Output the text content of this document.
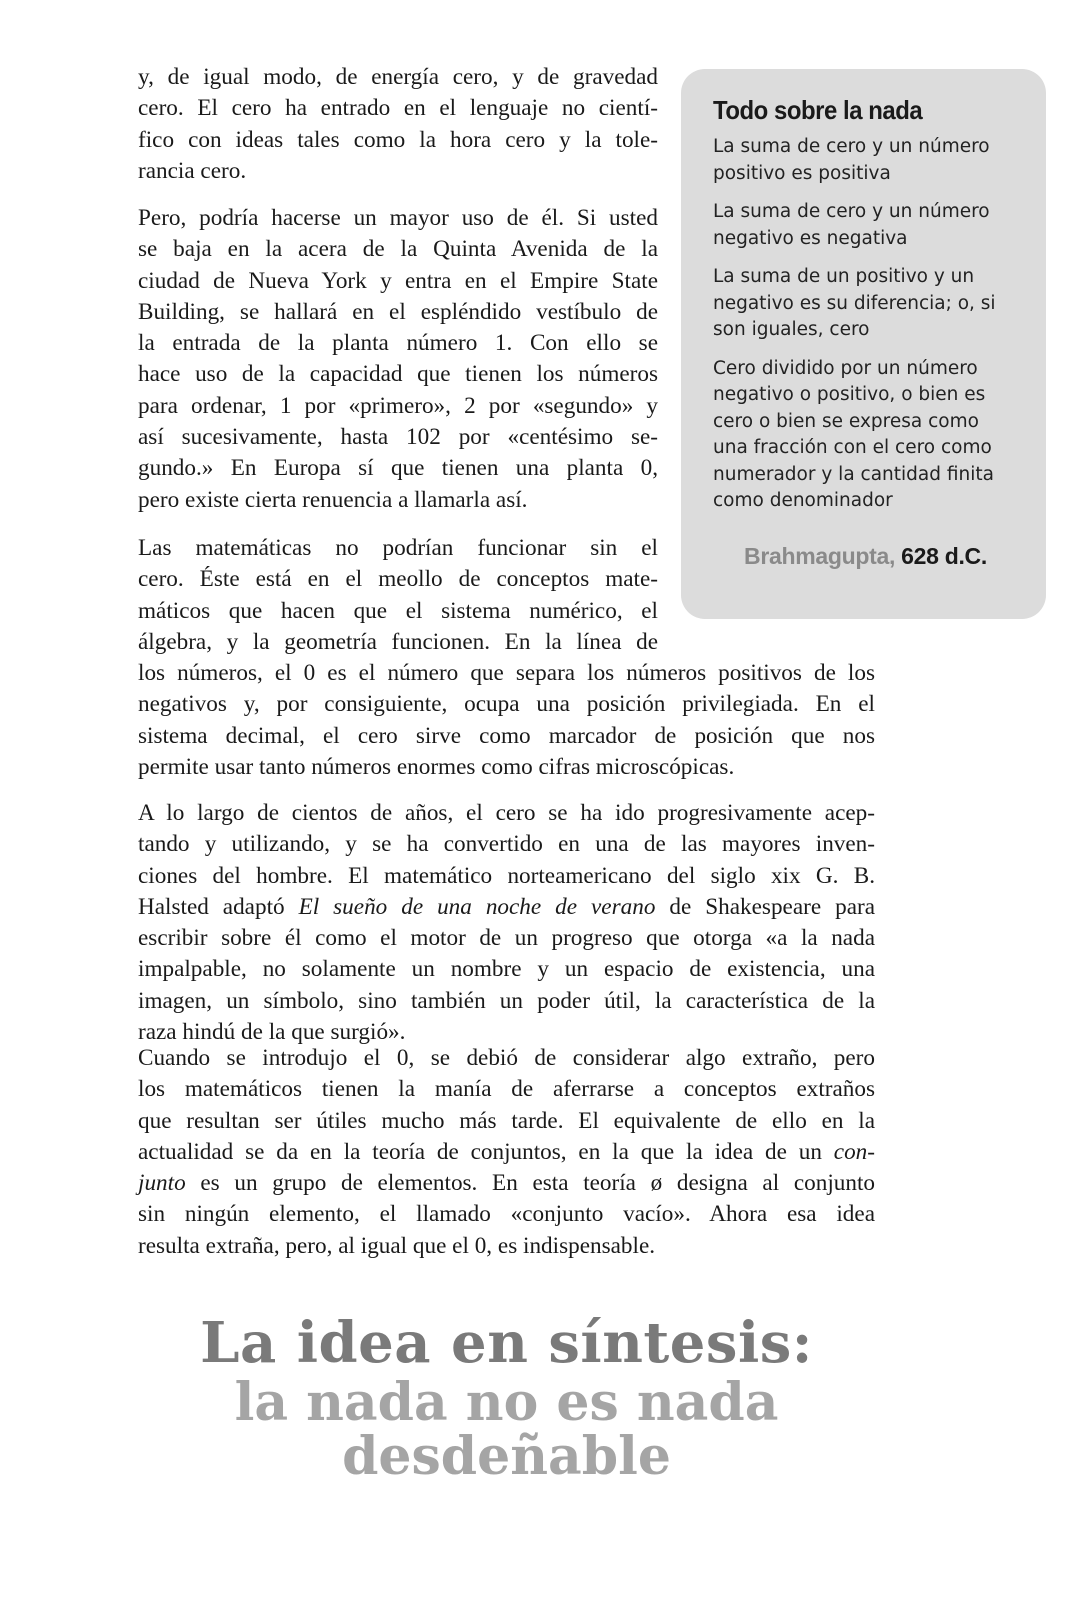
Todo sobre la nada

La suma de cero y un número positivo es positiva

La suma de cero y un número negativo es negativa

La suma de un positivo y un negativo es su diferencia; o, si son iguales, cero

Cero dividido por un número negativo o positivo, o bien es cero o bien se expresa como una fracción con el cero como numerador y la cantidad finita como denominador

Brahmagupta, 628 d.C.
y, de igual modo, de energía cero, y de gravedad
cero. El cero ha entrado en el lenguaje no cientí-
fico con ideas tales como la hora cero y la tole-
rancia cero.
Pero, podría hacerse un mayor uso de él. Si usted
se baja en la acera de la Quinta Avenida de la
ciudad de Nueva York y entra en el Empire State
Building, se hallará en el espléndido vestíbulo de
la entrada de la planta número 1. Con ello se
hace uso de la capacidad que tienen los números
para ordenar, 1 por «primero», 2 por «segundo» y
así sucesivamente, hasta 102 por «centésimo se-
gundo.» En Europa sí que tienen una planta 0,
pero existe cierta renuencia a llamarla así.
Las matemáticas no podrían funcionar sin el
cero. Éste está en el meollo de conceptos mate-
máticos que hacen que el sistema numérico, el
álgebra, y la geometría funcionen. En la línea de
los números, el 0 es el número que separa los números positivos de los
negativos y, por consiguiente, ocupa una posición privilegiada. En el
sistema decimal, el cero sirve como marcador de posición que nos
permite usar tanto números enormes como cifras microscópicas.
A lo largo de cientos de años, el cero se ha ido progresivamente acep-
tando y utilizando, y se ha convertido en una de las mayores inven-
ciones del hombre. El matemático norteamericano del siglo xix G. B.
Halsted adaptó El sueño de una noche de verano de Shakespeare para
escribir sobre él como el motor de un progreso que otorga «a la nada
impalpable, no solamente un nombre y un espacio de existencia, una
imagen, un símbolo, sino también un poder útil, la característica de la
raza hindú de la que surgió».
Cuando se introdujo el 0, se debió de considerar algo extraño, pero
los matemáticos tienen la manía de aferrarse a conceptos extraños
que resultan ser útiles mucho más tarde. El equivalente de ello en la
actualidad se da en la teoría de conjuntos, en la que la idea de un con-
junto es un grupo de elementos. En esta teoría ø designa al conjunto
sin ningún elemento, el llamado «conjunto vacío». Ahora esa idea
resulta extraña, pero, al igual que el 0, es indispensable.

La idea en síntesis:

la nada no es nada
desdeñable
